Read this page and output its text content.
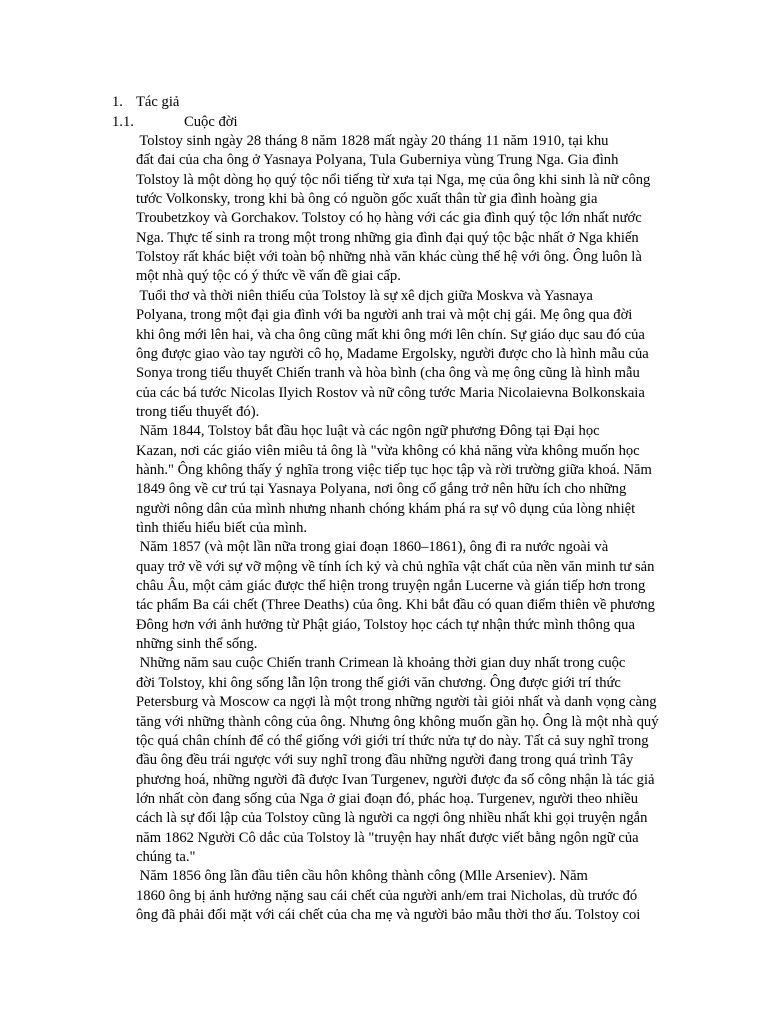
1. Tác giả
1.1.	Cuộc đời
Tolstoy sinh ngày 28 tháng 8 năm 1828 mất ngày 20 tháng 11 năm 1910, tại khu
đất đai của cha ông ở Yasnaya Polyana, Tula Guberniya vùng Trung Nga. Gia đình
Tolstoy là một dòng họ quý tộc nổi tiếng từ xưa tại Nga, mẹ của ông khi sinh là nữ công
tước Volkonsky, trong khi bà ông có nguồn gốc xuất thân từ gia đình hoàng gia
Troubetzkoy và Gorchakov. Tolstoy có họ hàng với các gia đình quý tộc lớn nhất nước
Nga. Thực tế sinh ra trong một trong những gia đình đại quý tộc bậc nhất ở Nga khiến
Tolstoy rất khác biệt với toàn bộ những nhà văn khác cùng thế hệ với ông. Ông luôn là
một nhà quý tộc có ý thức về vấn đề giai cấp.
Tuổi thơ và thời niên thiếu của Tolstoy là sự xê dịch giữa Moskva và Yasnaya
Polyana, trong một đại gia đình với ba người anh trai và một chị gái. Mẹ ông qua đời
khi ông mới lên hai, và cha ông cũng mất khi ông mới lên chín. Sự giáo dục sau đó của
ông được giao vào tay người cô họ, Madame Ergolsky, người được cho là hình mẫu của
Sonya trong tiểu thuyết Chiến tranh và hòa bình (cha ông và mẹ ông cũng là hình mẫu
của các bá tước Nicolas Ilyich Rostov và nữ công tước Maria Nicolaievna Bolkonskaia
trong tiểu thuyết đó).
Năm 1844, Tolstoy bắt đầu học luật và các ngôn ngữ phương Đông tại Đại học
Kazan, nơi các giáo viên miêu tả ông là "vừa không có khả năng vừa không muốn học
hành." Ông không thấy ý nghĩa trong việc tiếp tục học tập và rời trường giữa khoá. Năm
1849 ông về cư trú tại Yasnaya Polyana, nơi ông cố gắng trở nên hữu ích cho những
người nông dân của mình nhưng nhanh chóng khám phá ra sự vô dụng của lòng nhiệt
tình thiếu hiểu biết của mình.
Năm 1857 (và một lần nữa trong giai đoạn 1860–1861), ông đi ra nước ngoài và
quay trở về với sự vỡ mộng về tính ích kỷ và chủ nghĩa vật chất của nền văn minh tư sản
châu Âu, một cảm giác được thể hiện trong truyện ngắn Lucerne và gián tiếp hơn trong
tác phẩm Ba cái chết (Three Deaths) của ông. Khi bắt đầu có quan điểm thiên về phương
Đông hơn với ảnh hưởng từ Phật giáo, Tolstoy học cách tự nhận thức mình thông qua
những sinh thể sống.
Những năm sau cuộc Chiến tranh Crimean là khoảng thời gian duy nhất trong cuộc
đời Tolstoy, khi ông sống lẫn lộn trong thế giới văn chương. Ông được giới trí thức
Petersburg và Moscow ca ngợi là một trong những người tài giỏi nhất và danh vọng càng
tăng với những thành công của ông. Nhưng ông không muốn gần họ. Ông là một nhà quý
tộc quá chân chính để có thể giống với giới trí thức nửa tự do này. Tất cả suy nghĩ trong
đầu ông đều trái ngược với suy nghĩ trong đầu những người đang trong quá trình Tây
phương hoá, những người đã được Ivan Turgenev, người được đa số công nhận là tác giả
lớn nhất còn đang sống của Nga ở giai đoạn đó, phác hoạ. Turgenev, người theo nhiều
cách là sự đối lập của Tolstoy cũng là người ca ngợi ông nhiều nhất khi gọi truyện ngắn
năm 1862 Người Cô dắc của Tolstoy là "truyện hay nhất được viết bằng ngôn ngữ của
chúng ta."
Năm 1856 ông lần đầu tiên cầu hôn không thành công (Mlle Arseniev). Năm
1860 ông bị ảnh hưởng nặng sau cái chết của người anh/em trai Nicholas, dù trước đó
ông đã phải đối mặt với cái chết của cha mẹ và người bảo mẫu thời thơ ấu. Tolstoy coi
